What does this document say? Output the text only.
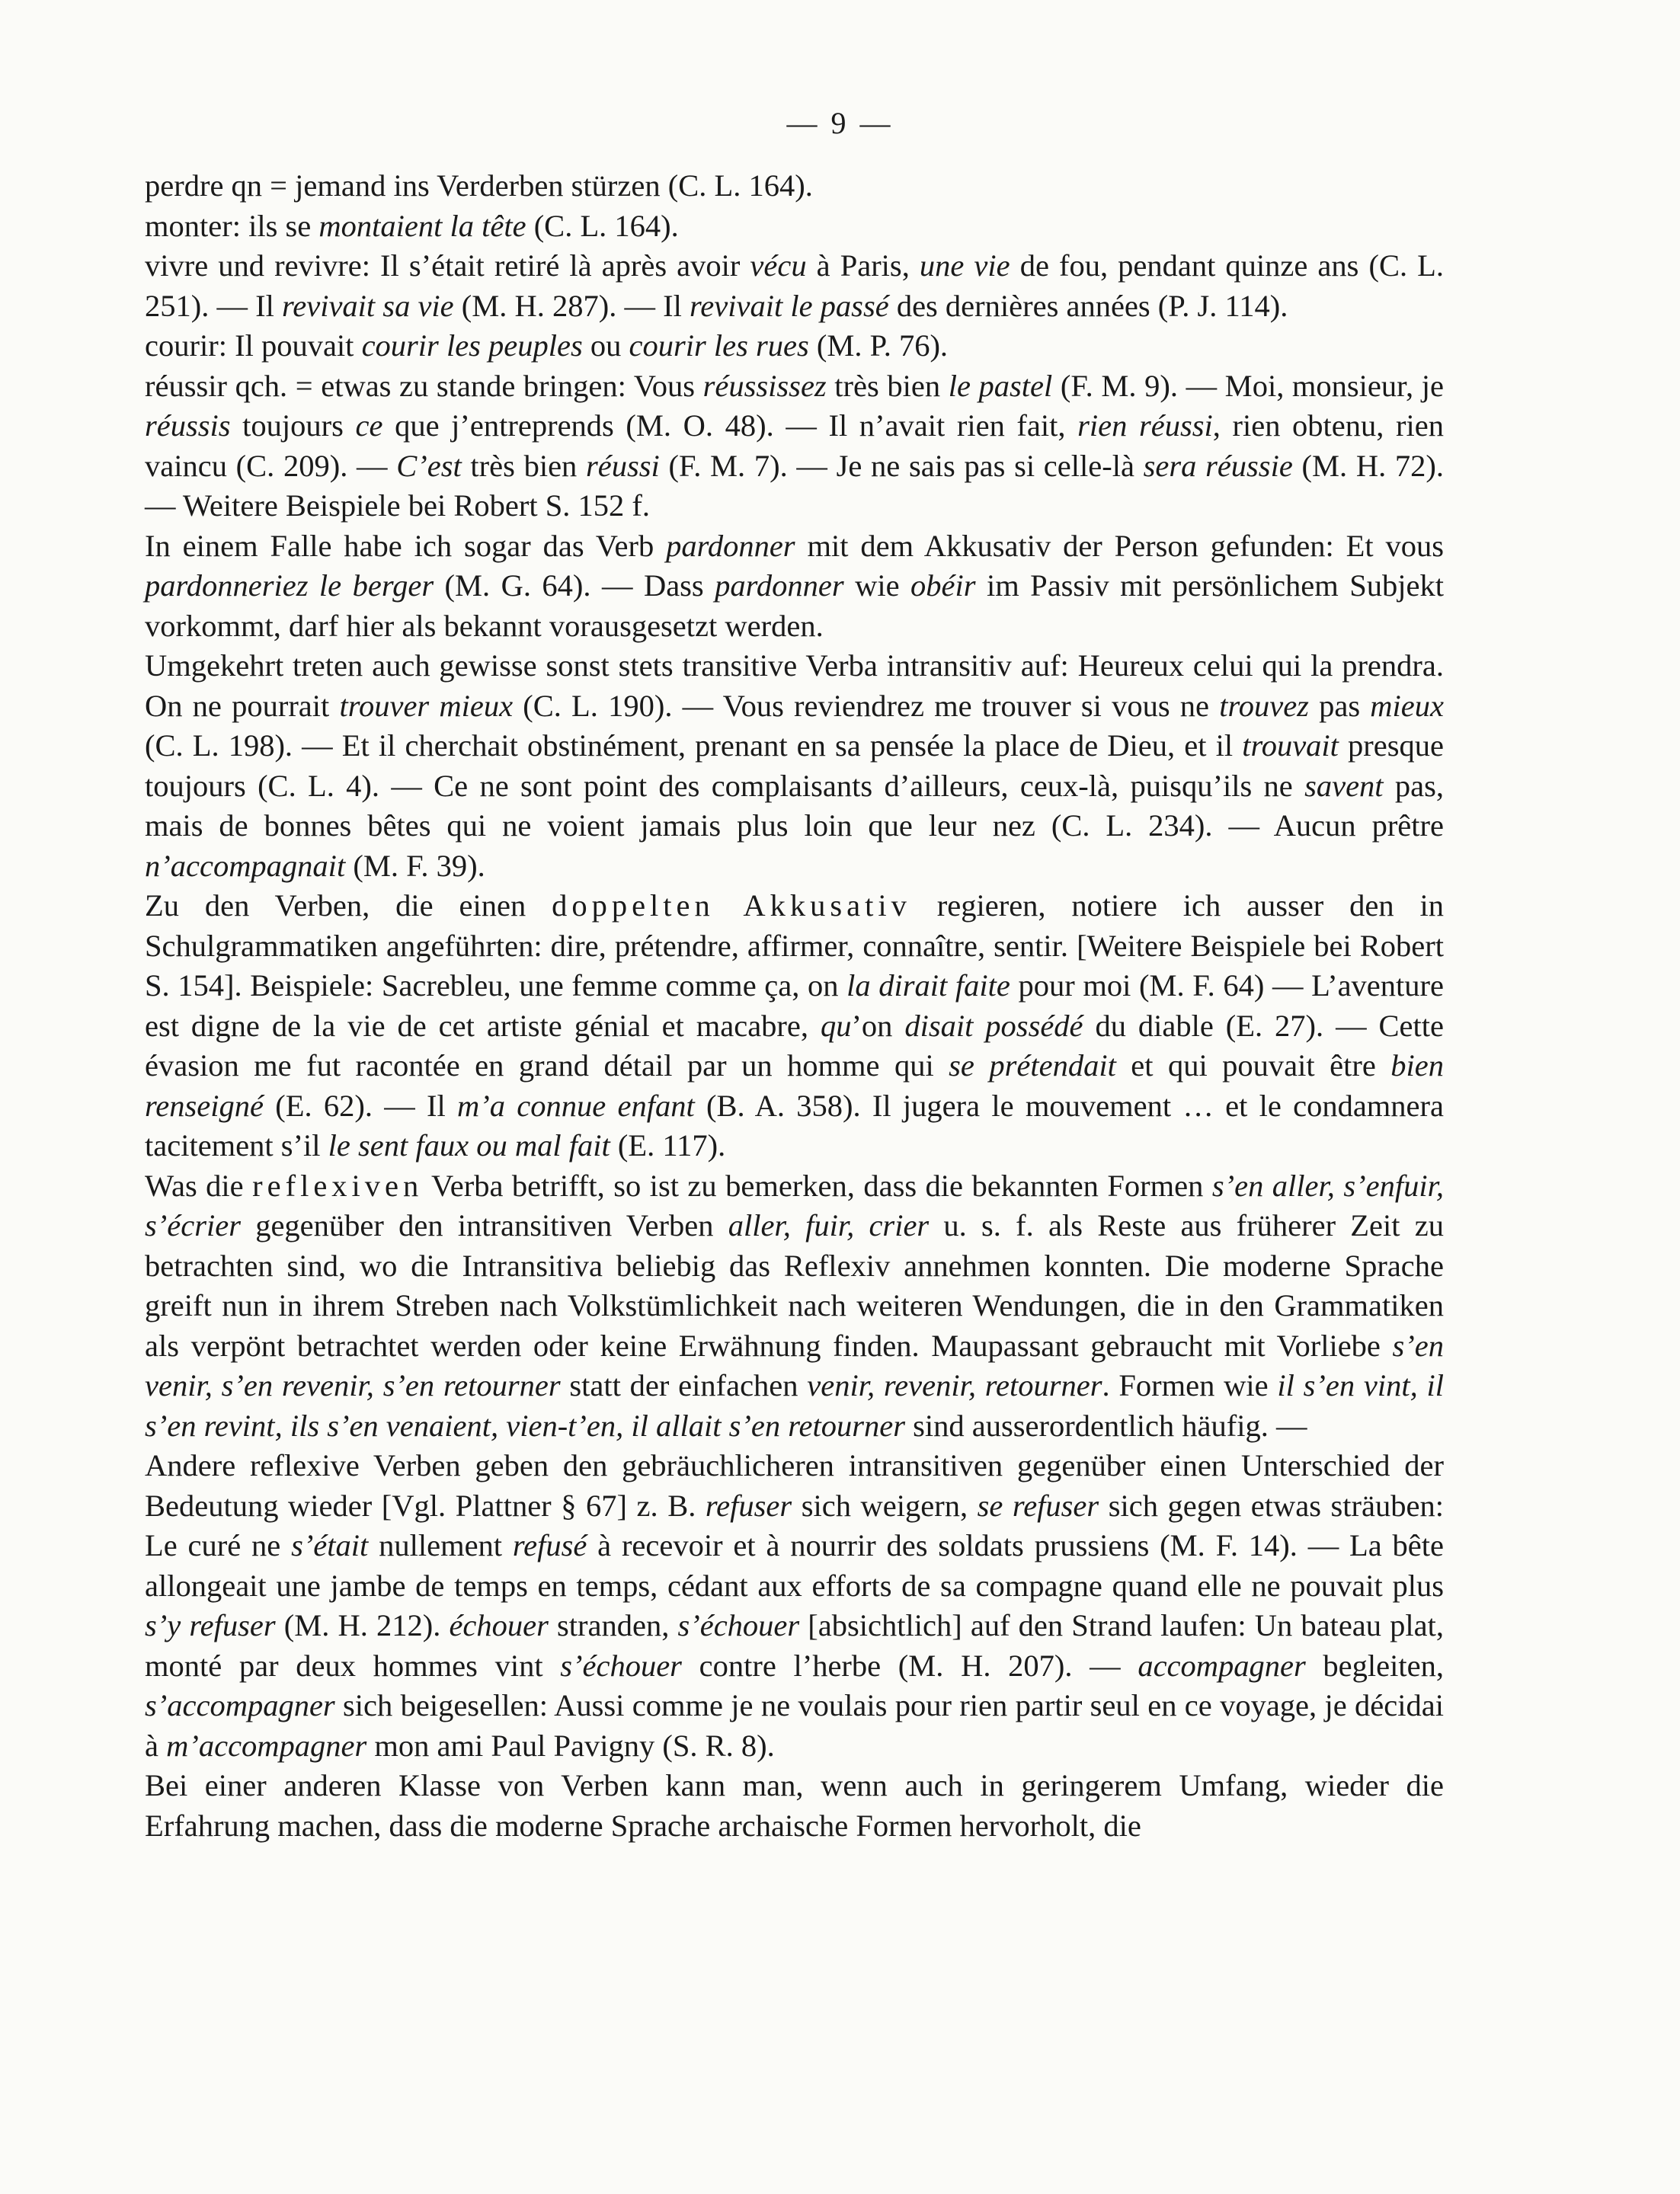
— 9 —

perdre qn = jemand ins Verderben stürzen (C. L. 164).

monter: ils se montaient la tête (C. L. 164).

vivre und revivre: Il s’était retiré là après avoir vécu à Paris, une vie de fou, pendant quinze ans (C. L. 251). — Il revivait sa vie (M. H. 287). — Il revivait le passé des dernières années (P. J. 114).

courir: Il pouvait courir les peuples ou courir les rues (M. P. 76).

réussir qch. = etwas zu stande bringen: Vous réussissez très bien le pastel (F. M. 9). — Moi, monsieur, je réussis toujours ce que j’entreprends (M. O. 48). — Il n’avait rien fait, rien réussi, rien obtenu, rien vaincu (C. 209). — C’est très bien réussi (F. M. 7). — Je ne sais pas si celle-là sera réussie (M. H. 72). — Weitere Beispiele bei Robert S. 152 f.

In einem Falle habe ich sogar das Verb pardonner mit dem Akkusativ der Person gefunden: Et vous pardonneriez le berger (M. G. 64). — Dass pardonner wie obéir im Passiv mit persönlichem Subjekt vorkommt, darf hier als bekannt vorausgesetzt werden.

Umgekehrt treten auch gewisse sonst stets transitive Verba intransitiv auf: Heureux celui qui la prendra. On ne pourrait trouver mieux (C. L. 190). — Vous reviendrez me trouver si vous ne trouvez pas mieux (C. L. 198). — Et il cherchait obstinément, prenant en sa pensée la place de Dieu, et il trouvait presque toujours (C. L. 4). — Ce ne sont point des complaisants d’ailleurs, ceux-là, puisqu’ils ne savent pas, mais de bonnes bêtes qui ne voient jamais plus loin que leur nez (C. L. 234). — Aucun prêtre n’accompagnait (M. F. 39).

Zu den Verben, die einen doppelten Akkusativ regieren, notiere ich ausser den in Schulgrammatiken angeführten: dire, prétendre, affirmer, connaître, sentir. [Weitere Beispiele bei Robert S. 154]. Beispiele: Sacrebleu, une femme comme ça, on la dirait faite pour moi (M. F. 64) — L’aventure est digne de la vie de cet artiste génial et macabre, qu’on disait possédé du diable (E. 27). — Cette évasion me fut racontée en grand détail par un homme qui se prétendait et qui pouvait être bien renseigné (E. 62). — Il m’a connue enfant (B. A. 358). Il jugera le mouvement … et le condamnera tacitement s’il le sent faux ou mal fait (E. 117).

Was die reflexiven Verba betrifft, so ist zu bemerken, dass die bekannten Formen s’en aller, s’enfuir, s’écrier gegenüber den intransitiven Verben aller, fuir, crier u. s. f. als Reste aus früherer Zeit zu betrachten sind, wo die Intransitiva beliebig das Reflexiv annehmen konnten. Die moderne Sprache greift nun in ihrem Streben nach Volkstümlichkeit nach weiteren Wendungen, die in den Grammatiken als verpönt betrachtet werden oder keine Erwähnung finden. Maupassant gebraucht mit Vorliebe s’en venir, s’en revenir, s’en retourner statt der einfachen venir, revenir, retourner. Formen wie il s’en vint, il s’en revint, ils s’en venaient, vien-t’en, il allait s’en retourner sind ausserordentlich häufig. —

Andere reflexive Verben geben den gebräuchlicheren intransitiven gegenüber einen Unterschied der Bedeutung wieder [Vgl. Plattner § 67] z. B. refuser sich weigern, se refuser sich gegen etwas sträuben: Le curé ne s’était nullement refusé à recevoir et à nourrir des soldats prussiens (M. F. 14). — La bête allongeait une jambe de temps en temps, cédant aux efforts de sa compagne quand elle ne pouvait plus s’y refuser (M. H. 212). échouer stranden, s’échouer [absichtlich] auf den Strand laufen: Un bateau plat, monté par deux hommes vint s’échouer contre l’herbe (M. H. 207). — accompagner begleiten, s’accompagner sich beigesellen: Aussi comme je ne voulais pour rien partir seul en ce voyage, je décidai à m’accompagner mon ami Paul Pavigny (S. R. 8).

Bei einer anderen Klasse von Verben kann man, wenn auch in geringerem Umfang, wieder die Erfahrung machen, dass die moderne Sprache archaische Formen hervorholt, die
